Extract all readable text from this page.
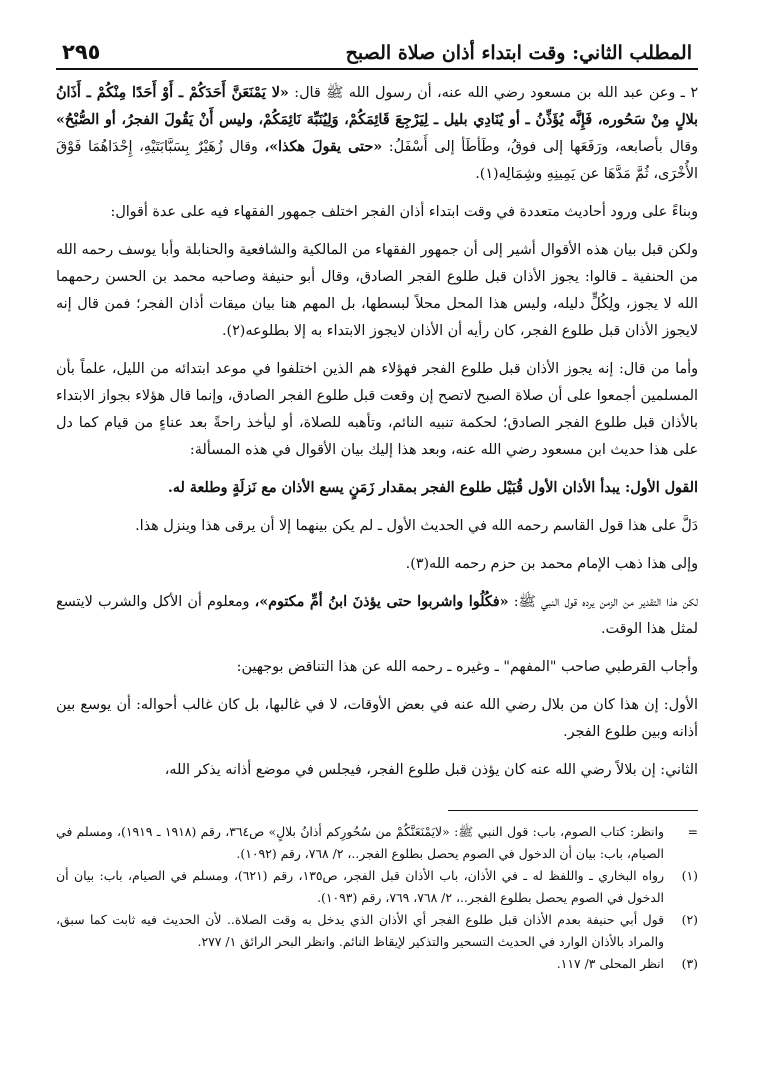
المطلب الثاني: وقت ابتداء أذان صلاة الصبح
٢٩٥

٢ ـ وعن عبد الله بن مسعود رضي الله عنه، أن رسول الله ﷺ قال: «لا يَمْنَعَنَّ أَحَدَكُمْ ـ أَوْ أَحَدًا مِنْكُمْ ـ أَذَانُ بلالٍ مِنْ سَحُوره، فَإِنَّه يُؤَذِّنُ ـ أو يُنَادِي بليل ـ لِيَرْجِعَ قَائِمَكُمْ، وَلِيُنَبِّهَ نَائِمَكُمْ، وليس أَنْ يَقُولَ الفجرُ، أو الصُّبْحُ» وقال بأصابعه، ورَفَعَها إلى فوقُ، وطَأطَأ إلى أَسْفَلُ: «حتى يقولَ هكذا»، وقال زُهَيْرٌ بِسَبَّابَتَيْهِ، إِحْدَاهُمَا فَوْقَ الأُخْرَى، ثُمَّ مَدَّهَا عن يَمِينِهِ وشِمَالِه(١).

وبناءً على ورود أحاديث متعددة في وقت ابتداء أذان الفجر اختلف جمهور الفقهاء فيه على عدة أقوال:

ولكن قبل بيان هذه الأقوال أشير إلى أن جمهور الفقهاء من المالكية والشافعية والحنابلة وأبا يوسف رحمه الله من الحنفية ـ قالوا: يجوز الأذان قبل طلوع الفجر الصادق، وقال أبو حنيفة وصاحبه محمد بن الحسن رحمهما الله لا يجوز، ولِكُلٍّ دليله، وليس هذا المحل محلاً لبسطها، بل المهم هنا بيان ميقات أذان الفجر؛ فمن قال إنه لايجوز الأذان قبل طلوع الفجر، كان رأيه أن الأذان لايجوز الابتداء به إلا بطلوعه(٢).

وأما من قال: إنه يجوز الأذان قبل طلوع الفجر فهؤلاء هم الذين اختلفوا في موعد ابتدائه من الليل، علماً بأن المسلمين أجمعوا على أن صلاة الصبح لاتصح إن وقعت قبل طلوع الفجر الصادق، وإنما قال هؤلاء بجواز الابتداء بالأذان قبل طلوع الفجر الصادق؛ لحكمة تنبيه النائم، وتأهبه للصلاة، أو ليأخذ راحةً بعد عناءٍ من قيام كما دل على هذا حديث ابن مسعود رضي الله عنه، وبعد هذا إليك بيان الأقوال في هذه المسألة:

القول الأول: يبدأ الأذان الأول قُبَيْل طلوع الفجر بمقدار زَمَنٍ يسع الأذان مع نَزلَةٍ وطلعة له.

دَلَّ على هذا قول القاسم رحمه الله في الحديث الأول ـ لم يكن بينهما إلا أن يرقى هذا وينزل هذا.

وإلى هذا ذهب الإمام محمد بن حزم رحمه الله(٣).

لكن هذا التقدير من الزمن يرده قول النبي ﷺ: «فكُلُوا واشربوا حتى يؤذنَ ابنُ أمِّ مكتوم»، ومعلوم أن الأكل والشرب لايتسع لمثل هذا الوقت.

وأجاب القرطبي صاحب "المفهم" ـ وغيره ـ رحمه الله عن هذا التناقض بوجهين:

الأول: إن هذا كان من بلال رضي الله عنه في بعض الأوقات، لا في غالبها، بل كان غالب أحواله: أن يوسع بين أذانه وبين طلوع الفجر.

الثاني: إن بلالاً رضي الله عنه كان يؤذن قبل طلوع الفجر، فيجلس في موضع أذانه يذكر الله،

=
وانظر: كتاب الصوم، باب: قول النبي ﷺ: «لايَمْنَعَنَّكُمْ من سُحُورِكم أذانُ بلالٍ» ص٣٦٤، رقم (١٩١٨ ـ ١٩١٩)، ومسلم في الصيام، باب: بيان أن الدخول في الصوم يحصل بطلوع الفجر..، ٢/ ٧٦٨، رقم (١٠٩٢).
(١)
رواه البخاري ـ واللفظ له ـ في الأذان، باب الأذان قبل الفجر، ص١٣٥، رقم (٦٢١)، ومسلم في الصيام، باب: بيان أن الدخول في الصوم يحصل بطلوع الفجر..، ٢/ ٧٦٨، ٧٦٩، رقم (١٠٩٣).
(٢)
قول أبي حنيفة بعدم الأذان قبل طلوع الفجر أي الأذان الذي يدخل به وقت الصلاة.. لأن الحديث فيه ثابت كما سبق، والمراد بالأذان الوارد في الحديث التسحير والتذكير لإيقاظ النائم. وانظر البحر الرائق ١/ ٢٧٧.
(٣)
انظر المحلى ٣/ ١١٧.
